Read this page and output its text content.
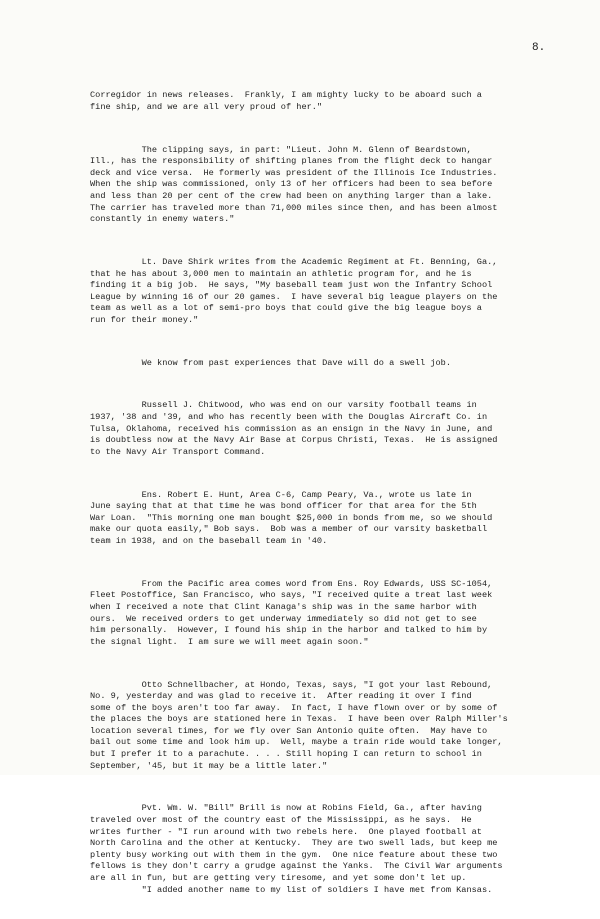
8.

Corregidor in news releases.  Frankly, I am mighty lucky to be aboard such a
fine ship, and we are all very proud of her."

The clipping says, in part: "Lieut. John M. Glenn of Beardstown,
Ill., has the responsibility of shifting planes from the flight deck to hangar
deck and vice versa.  He formerly was president of the Illinois Ice Industries.
When the ship was commissioned, only 13 of her officers had been to sea before
and less than 20 per cent of the crew had been on anything larger than a lake.
The carrier has traveled more than 71,000 miles since then, and has been almost
constantly in enemy waters."

Lt. Dave Shirk writes from the Academic Regiment at Ft. Benning, Ga.,
that he has about 3,000 men to maintain an athletic program for, and he is
finding it a big job.  He says, "My baseball team just won the Infantry School
League by winning 16 of our 20 games.  I have several big league players on the
team as well as a lot of semi-pro boys that could give the big league boys a
run for their money."

We know from past experiences that Dave will do a swell job.

Russell J. Chitwood, who was end on our varsity football teams in
1937, '38 and '39, and who has recently been with the Douglas Aircraft Co. in
Tulsa, Oklahoma, received his commission as an ensign in the Navy in June, and
is doubtless now at the Navy Air Base at Corpus Christi, Texas.  He is assigned
to the Navy Air Transport Command.

Ens. Robert E. Hunt, Area C-6, Camp Peary, Va., wrote us late in
June saying that at that time he was bond officer for that area for the 5th
War Loan.  "This morning one man bought $25,000 in bonds from me, so we should
make our quota easily," Bob says.  Bob was a member of our varsity basketball
team in 1938, and on the baseball team in '40.

From the Pacific area comes word from Ens. Roy Edwards, USS SC-1054,
Fleet Postoffice, San Francisco, who says, "I received quite a treat last week
when I received a note that Clint Kanaga's ship was in the same harbor with
ours.  We received orders to get underway immediately so did not get to see
him personally.  However, I found his ship in the harbor and talked to him by
the signal light.  I am sure we will meet again soon."

Otto Schnellbacher, at Hondo, Texas, says, "I got your last Rebound,
No. 9, yesterday and was glad to receive it.  After reading it over I find
some of the boys aren't too far away.  In fact, I have flown over or by some of
the places the boys are stationed here in Texas.  I have been over Ralph Miller's
location several times, for we fly over San Antonio quite often.  May have to
bail out some time and look him up.  Well, maybe a train ride would take longer,
but I prefer it to a parachute. . . . Still hoping I can return to school in
September, '45, but it may be a little later."

Pvt. Wm. W. "Bill" Brill is now at Robins Field, Ga., after having
traveled over most of the country east of the Mississippi, as he says.  He
writes further - "I run around with two rebels here.  One played football at
North Carolina and the other at Kentucky.  They are two swell lads, but keep me
plenty busy working out with them in the gym.  One nice feature about these two
fellows is they don't carry a grudge against the Yanks.  The Civil War arguments
are all in fun, but are getting very tiresome, and yet some don't let up.
"I added another name to my list of soldiers I have met from Kansas.
